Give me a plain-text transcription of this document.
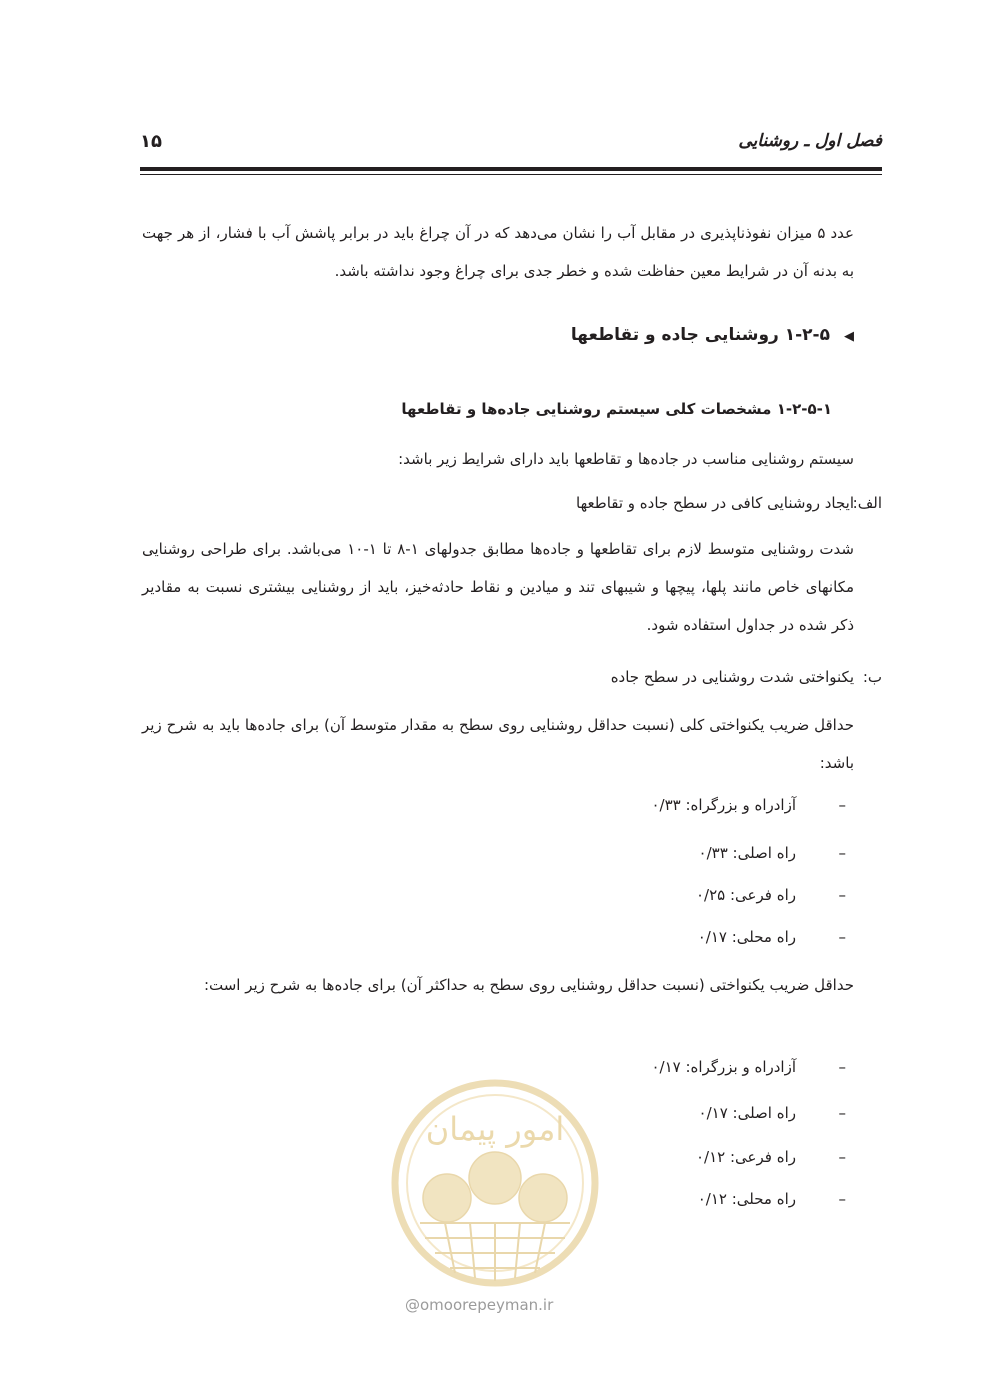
فصل اول ـ روشنایی
۱۵
عدد ۵ میزان نفوذناپذیری در مقابل آب را نشان می‌دهد که در آن چراغ باید در برابر پاشش آب با فشار، از هر جهت به بدنه آن در شرایط معین حفاظت شده و خطر جدی برای چراغ وجود نداشته باشد.
◀۱-۲-۵ روشنایی جاده و تقاطعها
۱-۲-۵-۱ مشخصات کلی سیستم روشنایی جاده‌ها و تقاطعها
سیستم روشنایی مناسب در جاده‌ها و تقاطعها باید دارای شرایط زیر باشد:
الف:
ایجاد روشنایی کافی در سطح جاده و تقاطعها
شدت روشنایی متوسط لازم برای تقاطعها و جاده‌ها مطابق جدولهای ۱-۸ تا ۱-۱۰ می‌باشد. برای طراحی روشنایی مکانهای خاص مانند پلها، پیچها و شیبهای تند و میادین و نقاط حادثه‌خیز، باید از روشنایی بیشتری نسبت به مقادیر ذکر شده در جداول استفاده شود.
ب:
یکنواختی شدت روشنایی در سطح جاده
حداقل ضریب یکنواختی کلی (نسبت حداقل روشنایی روی سطح به مقدار متوسط آن) برای جاده‌ها باید به شرح زیر باشد:
–
آزادراه و بزرگراه: ۰/۳۳
–
راه اصلی: ۰/۳۳
–
راه فرعی: ۰/۲۵
–
راه محلی: ۰/۱۷
حداقل ضریب یکنواختی (نسبت حداقل روشنایی روی سطح به حداکثر آن) برای جاده‌ها به شرح زیر است:
–
آزادراه و بزرگراه: ۰/۱۷
–
راه اصلی: ۰/۱۷
–
راه فرعی: ۰/۱۲
–
راه محلی: ۰/۱۲
امور پیمان
@omoorepeyman.ir
